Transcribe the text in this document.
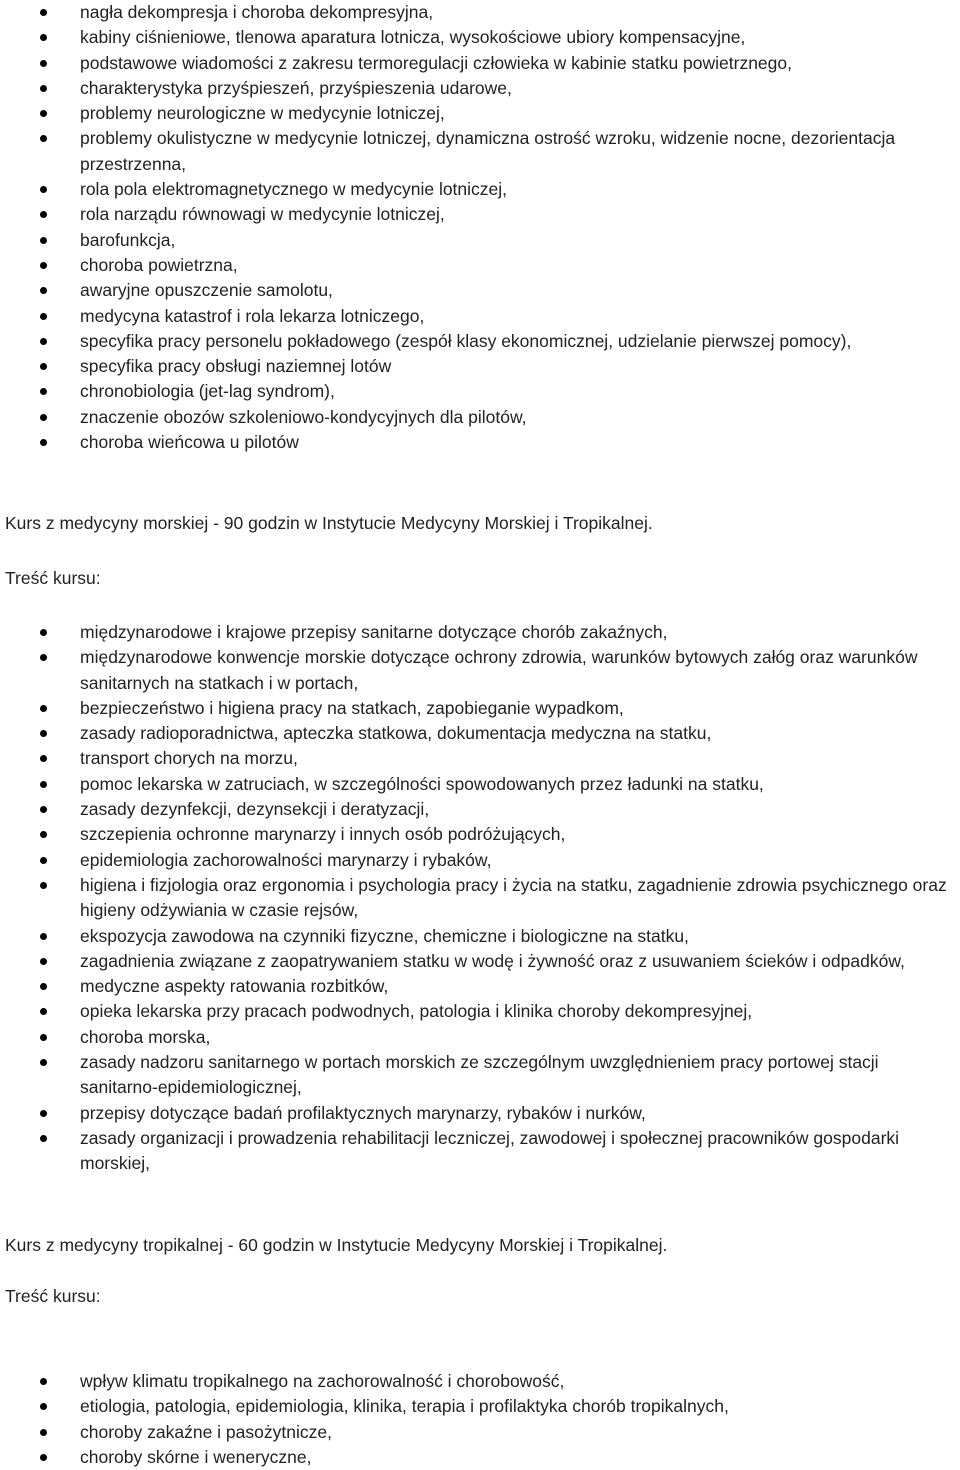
nagła dekompresja i choroba dekompresyjna,
kabiny ciśnieniowe, tlenowa aparatura lotnicza, wysokościowe ubiory kompensacyjne,
podstawowe wiadomości z zakresu termoregulacji człowieka w kabinie statku powietrznego,
charakterystyka przyśpieszeń, przyśpieszenia udarowe,
problemy neurologiczne w medycynie lotniczej,
problemy okulistyczne w medycynie lotniczej, dynamiczna ostrość wzroku, widzenie nocne, dezorientacja przestrzenna,
rola pola elektromagnetycznego w medycynie lotniczej,
rola narządu równowagi w medycynie lotniczej,
barofunkcja,
choroba powietrzna,
awaryjne opuszczenie samolotu,
medycyna katastrof i rola lekarza lotniczego,
specyfika pracy personelu pokładowego (zespół klasy ekonomicznej, udzielanie pierwszej pomocy),
specyfika pracy obsługi naziemnej lotów
chronobiologia (jet-lag syndrom),
znaczenie obozów szkoleniowo-kondycyjnych dla pilotów,
choroba wieńcowa u pilotów

Kurs z medycyny morskiej - 90 godzin w Instytucie Medycyny Morskiej i Tropikalnej.

Treść kursu:

międzynarodowe i krajowe przepisy sanitarne dotyczące chorób zakaźnych,
międzynarodowe konwencje morskie dotyczące ochrony zdrowia, warunków bytowych załóg oraz warunków sanitarnych na statkach i w portach,
bezpieczeństwo i higiena pracy na statkach, zapobieganie wypadkom,
zasady radioporadnictwa, apteczka statkowa, dokumentacja medyczna na statku,
transport chorych na morzu,
pomoc lekarska w zatruciach, w szczególności spowodowanych przez ładunki na statku,
zasady dezynfekcji, dezynsekcji i deratyzacji,
szczepienia ochronne marynarzy i innych osób podróżujących,
epidemiologia zachorowalności marynarzy i rybaków,
higiena i fizjologia oraz ergonomia i psychologia pracy i życia na statku, zagadnienie zdrowia psychicznego oraz higieny odżywiania w czasie rejsów,
ekspozycja zawodowa na czynniki fizyczne, chemiczne i biologiczne na statku,
zagadnienia związane z zaopatrywaniem statku w wodę i żywność oraz z usuwaniem ścieków i odpadków,
medyczne aspekty ratowania rozbitków,
opieka lekarska przy pracach podwodnych, patologia i klinika choroby dekompresyjnej,
choroba morska,
zasady nadzoru sanitarnego w portach morskich ze szczególnym uwzględnieniem pracy portowej stacji sanitarno-epidemiologicznej,
przepisy dotyczące badań profilaktycznych marynarzy, rybaków i nurków,
zasady organizacji i prowadzenia rehabilitacji leczniczej, zawodowej i społecznej pracowników gospodarki morskiej,

Kurs z medycyny tropikalnej - 60 godzin w Instytucie Medycyny Morskiej i Tropikalnej.

Treść kursu:

wpływ klimatu tropikalnego na zachorowalność i chorobowość,
etiologia, patologia, epidemiologia, klinika, terapia i profilaktyka chorób tropikalnych,
choroby zakaźne i pasożytnicze,
choroby skórne i weneryczne,
